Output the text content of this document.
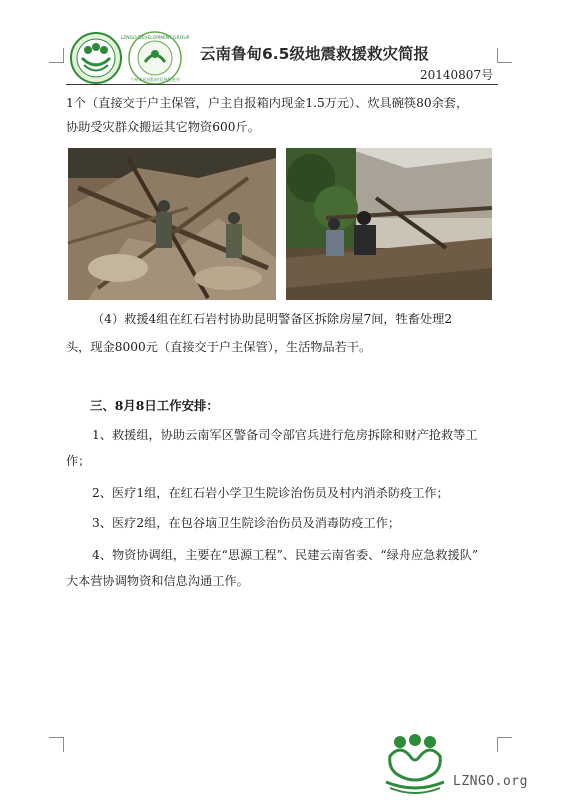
LZNGO DEVELOPMENT GROUP
兰州市民间组织发展促进会
云南鲁甸6.5级地震救援救灾简报
20140807号
1个（直接交于户主保管，户主自报箱内现金1.5万元）、炊具碗筷80余套，
协助受灾群众搬运其它物资600斤。
（4）救援4组在红石岩村协助昆明警备区拆除房屋7间，牲畜处理2
头，现金8000元（直接交于户主保管），生活物品若干。
三、8月8日工作安排：
1、救援组，协助云南军区警备司令部官兵进行危房拆除和财产抢救等工
作；
2、医疗1组，在红石岩小学卫生院诊治伤员及村内消杀防疫工作；
3、医疗2组，在包谷垴卫生院诊治伤员及消毒防疫工作；
4、物资协调组，主要在“思源工程”、民建云南省委、“绿舟应急救援队”
大本营协调物资和信息沟通工作。
LZNGO.org
